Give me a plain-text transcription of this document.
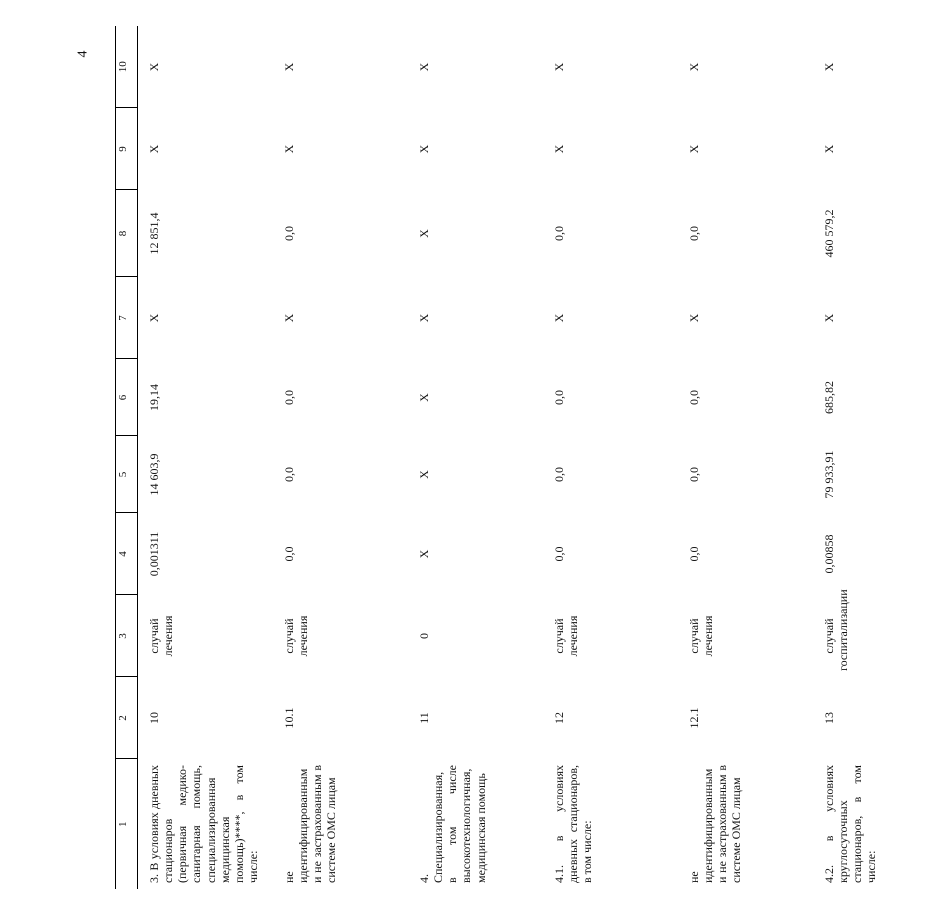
4
1	2	3	4	5	6	7	8	9	10

3. В условиях дневных стационаров (первичная медико-санитарная помощь, специализированная медицинская помощь)****, в том числе:	10	случай лечения	0,001311	14 603,9	19,14	X	12 851,4	X	X

не идентифицированным и не застрахованным в системе ОМС лицам	10.1	случай лечения	0,0	0,0	0,0	X	0,0	X	X

4. Специализированная, в том числе высокотехнологичная, медицинская помощь	11	0	X	X	X	X	X	X	X

4.1. в условиях дневных стационаров, в том числе:	12	случай лечения	0,0	0,0	0,0	X	0,0	X	X

не идентифицированным и не застрахованным в системе ОМС лицам	12.1	случай лечения	0,0	0,0	0,0	X	0,0	X	X

4.2. в условиях круглосуточных стационаров, в том числе:	13	случай госпитализации	0,00858	79 933,91	685,82	X	460 579,2	X	X
